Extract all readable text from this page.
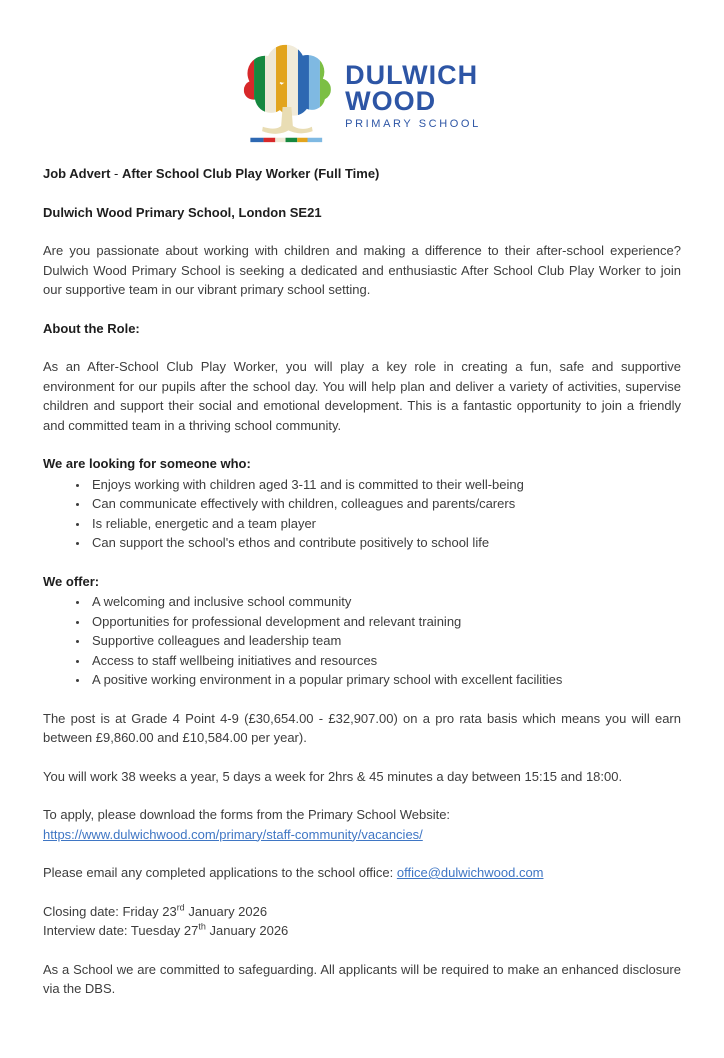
DULWICH
WOOD
PRIMARY SCHOOL

Job Advert - After School Club Play Worker (Full Time)

Dulwich Wood Primary School, London SE21

Are you passionate about working with children and making a difference to their after-school experience? Dulwich Wood Primary School is seeking a dedicated and enthusiastic After School Club Play Worker to join our supportive team in our vibrant primary school setting.

About the Role:

As an After-School Club Play Worker, you will play a key role in creating a fun, safe and supportive environment for our pupils after the school day. You will help plan and deliver a variety of activities, supervise children and support their social and emotional development. This is a fantastic opportunity to join a friendly and committed team in a thriving school community.

We are looking for someone who:

• Enjoys working with children aged 3-11 and is committed to their well-being
• Can communicate effectively with children, colleagues and parents/carers
• Is reliable, energetic and a team player
• Can support the school's ethos and contribute positively to school life

We offer:

• A welcoming and inclusive school community
• Opportunities for professional development and relevant training
• Supportive colleagues and leadership team
• Access to staff wellbeing initiatives and resources
• A positive working environment in a popular primary school with excellent facilities

The post is at Grade 4 Point 4-9 (£30,654.00 - £32,907.00) on a pro rata basis which means you will earn between £9,860.00 and £10,584.00 per year).

You will work 38 weeks a year, 5 days a week for 2hrs & 45 minutes a day between 15:15 and 18:00.

To apply, please download the forms from the Primary School Website:
https://www.dulwichwood.com/primary/staff-community/vacancies/

Please email any completed applications to the school office: office@dulwichwood.com

Closing date: Friday 23rd January 2026
Interview date: Tuesday 27th January 2026

As a School we are committed to safeguarding. All applicants will be required to make an enhanced disclosure via the DBS.
